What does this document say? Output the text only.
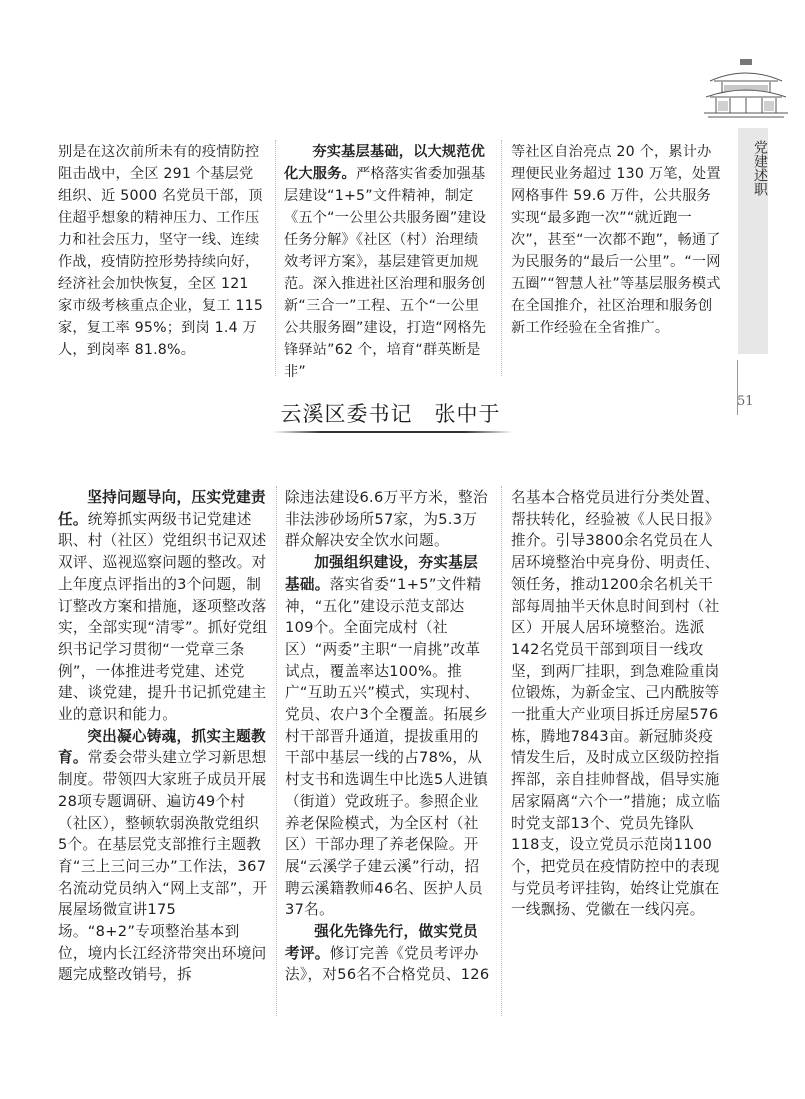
党建述职
51

别是在这次前所未有的疫情防控阻击战中，全区 291 个基层党组织、近 5000 名党员干部，顶住超乎想象的精神压力、工作压力和社会压力，坚守一线、连续作战，疫情防控形势持续向好，经济社会加快恢复，全区 121 家市级考核重点企业，复工 115 家，复工率 95%；到岗 1.4 万人，到岗率 81.8%。

夯实基层基础，以大规范优化大服务。严格落实省委加强基层建设“1+5”文件精神，制定《五个“一公里公共服务圈”建设任务分解》《社区（村）治理绩效考评方案》，基层建管更加规范。深入推进社区治理和服务创新“三合一”工程、五个“一公里公共服务圈”建设，打造“网格先锋驿站”62 个，培育“群英断是非”

等社区自治亮点 20 个，累计办理便民业务超过 130 万笔，处置网格事件 59.6 万件，公共服务实现“最多跑一次”“就近跑一次”，甚至“一次都不跑”，畅通了为民服务的“最后一公里”。“一网五圈”“智慧人社”等基层服务模式在全国推介，社区治理和服务创新工作经验在全省推广。

云溪区委书记　张中于

坚持问题导向，压实党建责任。统筹抓实两级书记党建述职、村（社区）党组织书记双述双评、巡视巡察问题的整改。对上年度点评指出的3个问题，制订整改方案和措施，逐项整改落实，全部实现“清零”。抓好党组织书记学习贯彻“一党章三条例”，一体推进考党建、述党建、谈党建，提升书记抓党建主业的意识和能力。

突出凝心铸魂，抓实主题教育。常委会带头建立学习新思想制度。带领四大家班子成员开展28项专题调研、遍访49个村（社区），整顿软弱涣散党组织5个。在基层党支部推行主题教育“三上三问三办”工作法，367名流动党员纳入“网上支部”，开展屋场微宣讲175场。“8+2”专项整治基本到位，境内长江经济带突出环境问题完成整改销号，拆

除违法建设6.6万平方米，整治非法涉砂场所57家，为5.3万群众解决安全饮水问题。

加强组织建设，夯实基层基础。落实省委“1+5”文件精神，“五化”建设示范支部达109个。全面完成村（社区）“两委”主职“一肩挑”改革试点，覆盖率达100%。推广“互助五兴”模式，实现村、党员、农户3个全覆盖。拓展乡村干部晋升通道，提拔重用的干部中基层一线的占78%，从村支书和选调生中比选5人进镇（街道）党政班子。参照企业养老保险模式，为全区村（社区）干部办理了养老保险。开展“云溪学子建云溪”行动，招聘云溪籍教师46名、医护人员37名。

强化先锋先行，做实党员考评。修订完善《党员考评办法》，对56名不合格党员、126

名基本合格党员进行分类处置、帮扶转化，经验被《人民日报》推介。引导3800余名党员在人居环境整治中亮身份、明责任、领任务，推动1200余名机关干部每周抽半天休息时间到村（社区）开展人居环境整治。选派142名党员干部到项目一线攻坚，到两厂挂职，到急难险重岗位锻炼，为新金宝、己内酰胺等一批重大产业项目拆迁房屋576栋，腾地7843亩。新冠肺炎疫情发生后，及时成立区级防控指挥部，亲自挂帅督战，倡导实施居家隔离“六个一”措施；成立临时党支部13个、党员先锋队118支，设立党员示范岗1100个，把党员在疫情防控中的表现与党员考评挂钩，始终让党旗在一线飘扬、党徽在一线闪亮。
